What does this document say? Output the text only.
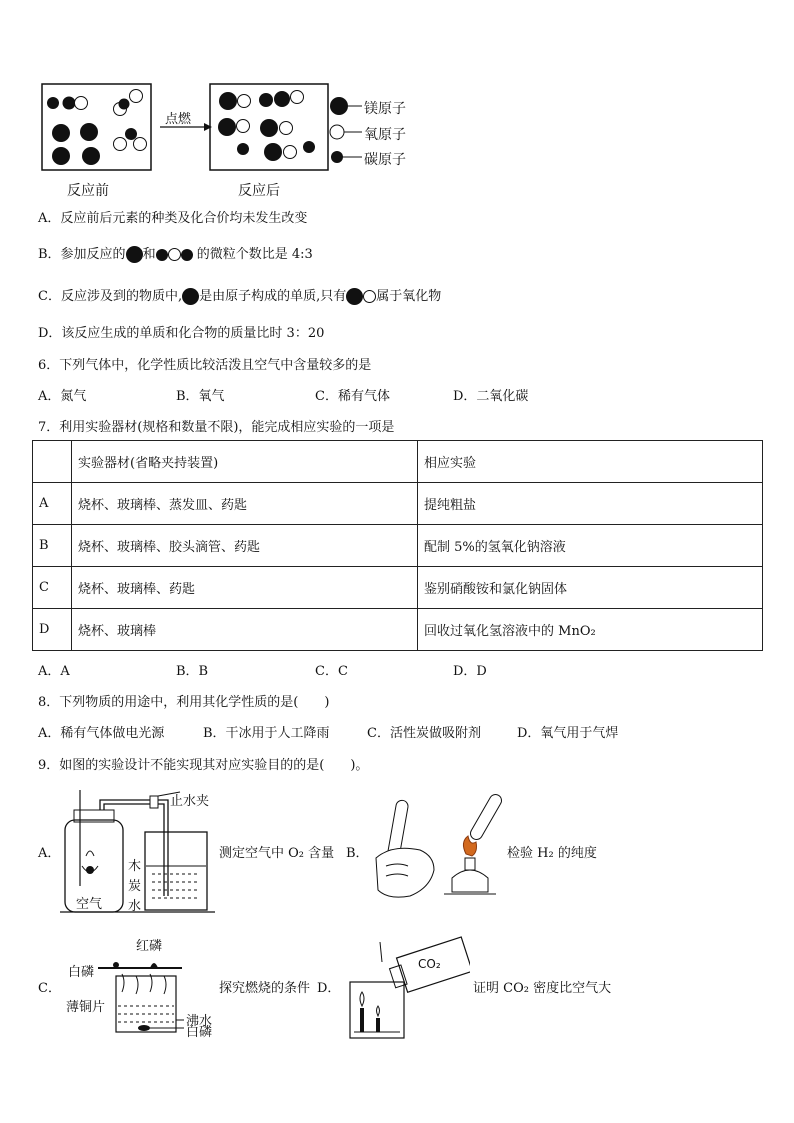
点燃
反应前	反应后
镁原子
氧原子
碳原子
A．反应前后元素的种类及化合价均未发生改变
B．参加反应的 和	的微粒个数比是 4:3
C．反应涉及到的物质中, 是由原子构成的单质,只有 属于氧化物
D．该反应生成的单质和化合物的质量比时 3：20
6．下列气体中，化学性质比较活泼且空气中含量较多的是
A．氮气	B．氧气	C．稀有气体	D．二氧化碳
7．利用实验器材(规格和数量不限)，能完成相应实验的一项是
	实验器材(省略夹持装置)	相应实验
A	烧杯、玻璃棒、蒸发皿、药匙	提纯粗盐
B	烧杯、玻璃棒、胶头滴管、药匙	配制 5%的氢氧化钠溶液
C	烧杯、玻璃棒、药匙	鉴别硝酸铵和氯化钠固体
D	烧杯、玻璃棒	回收过氧化氢溶液中的 MnO₂
A．A	B．B	C．C	D．D
8．下列物质的用途中，利用其化学性质的是(　　)
A．稀有气体做电光源	B．干冰用于人工降雨	C．活性炭做吸附剂	D．氧气用于气焊
9．如图的实验设计不能实现其对应实验目的的是(　　)。
止水夹
木
炭
水
空气
A．	测定空气中 O₂ 含量 B．	检验 H₂ 的纯度
红磷
白磷
薄铜片
沸水
白磷
C．	探究燃烧的条件 D．
CO₂
证明 CO₂ 密度比空气大
